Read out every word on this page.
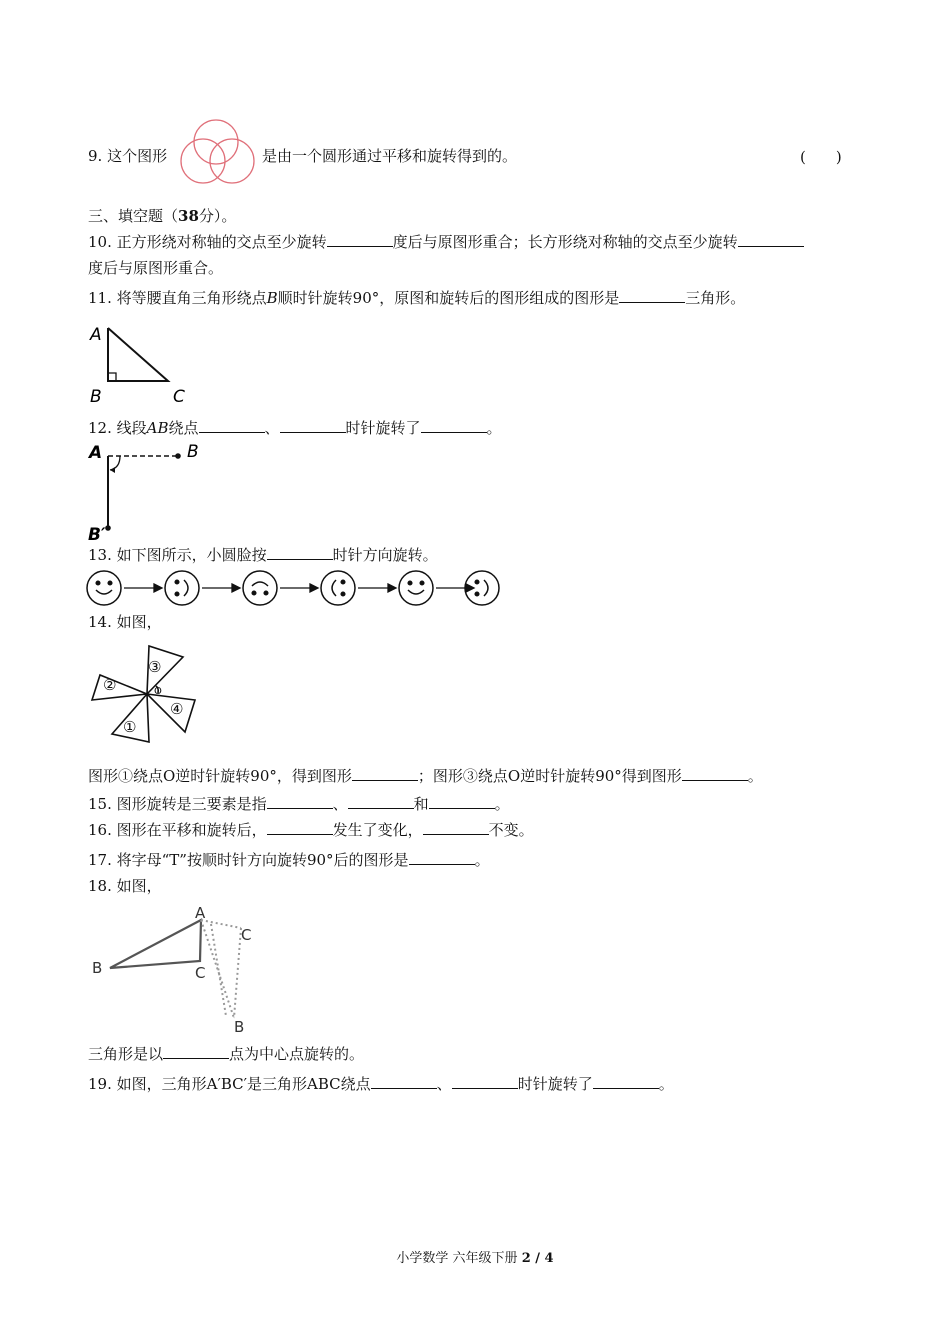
9. 这个图形	是由一个圆形通过平移和旋转得到的。	(　　)
三、填空题（38分）。
10. 正方形绕对称轴的交点至少旋转	度后与原图形重合；长方形绕对称轴的交点至少旋转
度后与原图形重合。
11. 将等腰直角三角形绕点B顺时针旋转90°，原图和旋转后的图形组成的图形是	三角形。
A
B	C
12. 线段AB绕点	、	时针旋转了	。
A	B
B′
13. 如下图所示，小圆脸按	时针方向旋转。
14. 如图，
③
②
④
①
O
图形①绕点O逆时针旋转90°，得到图形	；图形③绕点O逆时针旋转90°得到图形	。
15. 图形旋转是三要素是指	、	和	。
16. 图形在平移和旋转后，	发生了变化，	不变。
17. 将字母“T”按顺时针方向旋转90°后的图形是	。
18. 如图，
A
B	C
C
B
三角形是以	点为中心点旋转的。
19. 如图，三角形A′BC′是三角形ABC绕点	、	时针旋转了	。
小学数学 六年级下册 2 / 4
